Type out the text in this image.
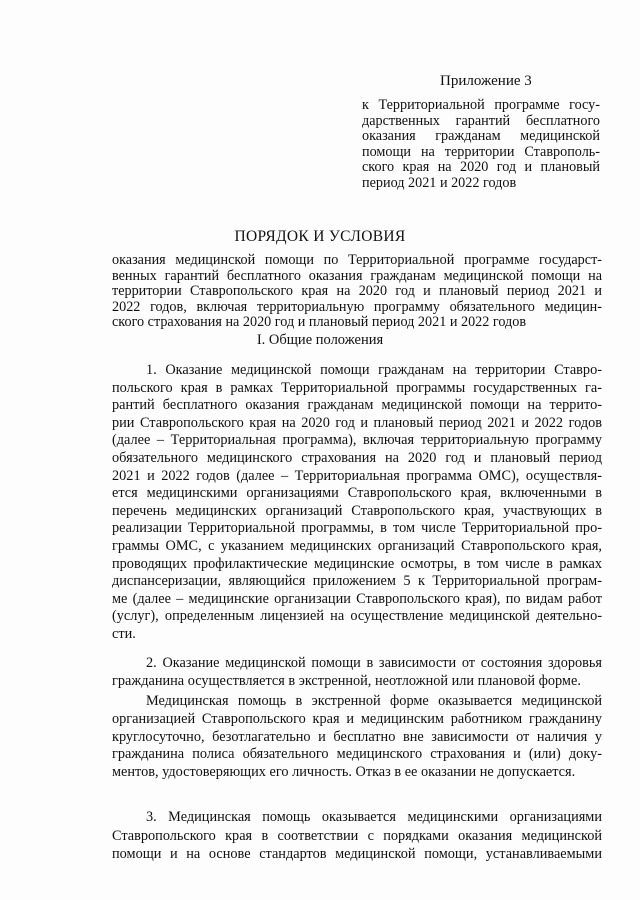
Приложение 3
к Территориальной программе госу-
дарственных гарантий бесплатного
оказания гражданам медицинской
помощи на территории Ставрополь-
ского края на 2020 год и плановый
период 2021 и 2022 годов
ПОРЯДОК И УСЛОВИЯ
оказания медицинской помощи по Территориальной программе государст-
венных гарантий бесплатного оказания гражданам медицинской помощи на
территории Ставропольского края на 2020 год и плановый период 2021 и
2022 годов, включая территориальную программу обязательного медицин-
ского страхования на 2020 год и плановый период 2021 и 2022 годов
I. Общие положения
1. Оказание медицинской помощи гражданам на территории Ставро-
польского края в рамках Территориальной программы государственных га-
рантий бесплатного оказания гражданам медицинской помощи на террито-
рии Ставропольского края на 2020 год и плановый период 2021 и 2022 годов
(далее – Территориальная программа), включая территориальную программу
обязательного медицинского страхования на 2020 год и плановый период
2021 и 2022 годов (далее – Территориальная программа ОМС), осуществля-
ется медицинскими организациями Ставропольского края, включенными в
перечень медицинских организаций Ставропольского края, участвующих в
реализации Территориальной программы, в том числе Территориальной про-
граммы ОМС, с указанием медицинских организаций Ставропольского края,
проводящих профилактические медицинские осмотры, в том числе в рамках
диспансеризации, являющийся приложением 5 к Территориальной програм-
ме (далее – медицинские организации Ставропольского края), по видам работ
(услуг), определенным лицензией на осуществление медицинской деятельно-
сти.
2. Оказание медицинской помощи в зависимости от состояния здоровья
гражданина осуществляется в экстренной, неотложной или плановой форме.
Медицинская помощь в экстренной форме оказывается медицинской
организацией Ставропольского края и медицинским работником гражданину
круглосуточно, безотлагательно и бесплатно вне зависимости от наличия у
гражданина полиса обязательного медицинского страхования и (или) доку-
ментов, удостоверяющих его личность. Отказ в ее оказании не допускается.
3. Медицинская помощь оказывается медицинскими организациями
Ставропольского края в соответствии с порядками оказания медицинской
помощи и на основе стандартов медицинской помощи, устанавливаемыми
